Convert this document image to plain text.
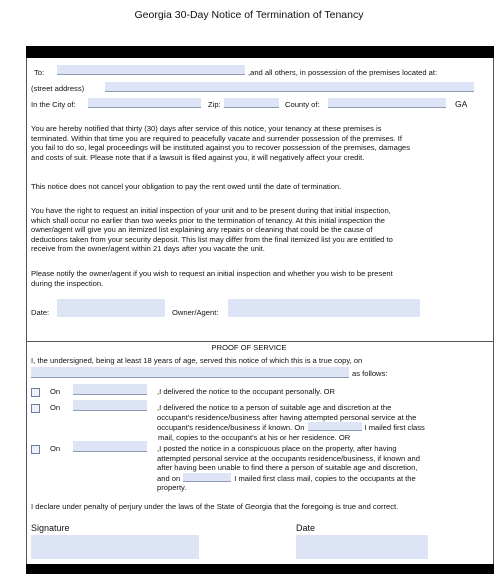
Georgia 30-Day Notice of Termination of Tenancy
To:	,and all others, in possession of the premises located at:
(street address)
In the City of:	Zip:	County of:	GA
You are hereby notified that thirty (30) days after service of this notice, your tenancy at these premises is
terminated. Within that time you are required to peacefully vacate and surrender possession of the premises. If
you fail to do so, legal proceedings will be instituted against you to recover possession of the premises, damages
and costs of suit. Please note that if a lawsuit is filed against you, it will negatively affect your credit.
This notice does not cancel your obligation to pay the rent owed until the date of termination.
You have the right to request an initial inspection of your unit and to be present during that initial inspection,
which shall occur no earlier than two weeks prior to the termination of tenancy. At this initial inspection the
owner/agent will give you an itemized list explaining any repairs or cleaning that could be the cause of
deductions taken from your security deposit. This list may differ from the final itemized list you are entitled to
receive from the owner/agent within 21 days after you vacate the unit.
Please notify the owner/agent if you wish to request an initial inspection and whether you wish to be present
during the inspection.
Date:	Owner/Agent:
PROOF OF SERVICE
I, the undersigned, being at least 18 years of age, served this notice of which this is a true copy, on
as follows:
On	,I delivered the notice to the occupant personally. OR
On	,I delivered the notice to a person of suitable age and discretion at the
occupant's residence/business after having attempted personal service at the
occupant's residence/business if known. On	I mailed first class
mail, copies to the occupant's at his or her residence. OR
On	,I posted the notice in a conspicuous place on the property, after having
attempted personal service at the occupants residence/business, if known and
after having been unable to find there a person of suitable age and discretion,
and on	I mailed first class mail, copies to the occupants at the
property.
I declare under penalty of perjury under the laws of the State of Georgia that the foregoing is true and correct.
Signature	Date
